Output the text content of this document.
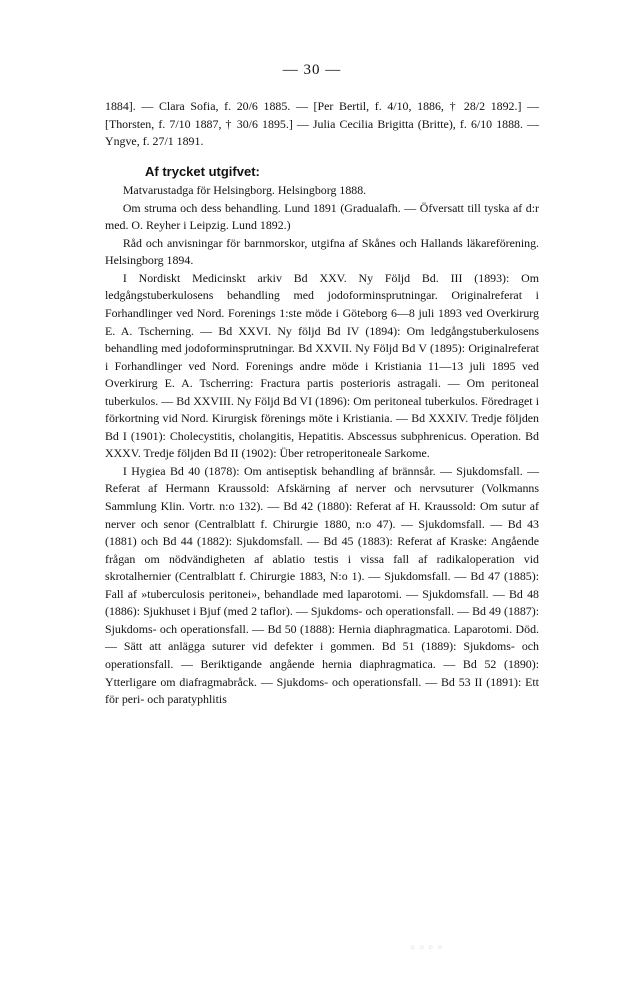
— 30 —

1884]. — Clara Sofia, f. 20/6 1885. — [Per Bertil, f. 4/10, 1886, † 28/2 1892.] — [Thorsten, f. 7/10 1887, † 30/6 1895.] — Julia Cecilia Brigitta (Britte), f. 6/10 1888. — Yngve, f. 27/1 1891.

Af trycket utgifvet:

Matvarustadga för Helsingborg. Helsingborg 1888.

Om struma och dess behandling. Lund 1891 (Gradualafh. — Öfversatt till tyska af d:r med. O. Reyher i Leipzig. Lund 1892.)

Råd och anvisningar för barnmorskor, utgifna af Skånes och Hallands läkareförening. Helsingborg 1894.

I Nordiskt Medicinskt arkiv Bd XXV. Ny Följd Bd. III (1893): Om ledgångstuberkulosens behandling med jodoforminsprutningar. Originalreferat i Forhandlinger ved Nord. Forenings 1:ste möde i Göteborg 6—8 juli 1893 ved Overkirurg E. A. Tscherning. — Bd XXVI. Ny följd Bd IV (1894): Om ledgångstuberkulosens behandling med jodoforminsprutningar. Bd XXVII. Ny Följd Bd V (1895): Originalreferat i Forhandlinger ved Nord. Forenings andre möde i Kristiania 11—13 juli 1895 ved Overkirurg E. A. Tscherring: Fractura partis posterioris astragali. — Om peritoneal tuberkulos. — Bd XXVIII. Ny Följd Bd VI (1896): Om peritoneal tuberkulos. Föredraget i förkortning vid Nord. Kirurgisk förenings möte i Kristiania. — Bd XXXIV. Tredje följden Bd I (1901): Cholecystitis, cholangitis, Hepatitis. Abscessus subphrenicus. Operation. Bd XXXV. Tredje följden Bd II (1902): Über retroperitoneale Sarkome.

I Hygiea Bd 40 (1878): Om antiseptisk behandling af brännsår. — Sjukdomsfall. — Referat af Hermann Kraussold: Afskärning af nerver och nervsuturer (Volkmanns Sammlung Klin. Vortr. n:o 132). — Bd 42 (1880): Referat af H. Kraussold: Om sutur af nerver och senor (Centralblatt f. Chirurgie 1880, n:o 47). — Sjukdomsfall. — Bd 43 (1881) och Bd 44 (1882): Sjukdomsfall. — Bd 45 (1883): Referat af Kraske: Angående frågan om nödvändigheten af ablatio testis i vissa fall af radikaloperation vid skrotalhernier (Centralblatt f. Chirurgie 1883, N:o 1). — Sjukdomsfall. — Bd 47 (1885): Fall af »tuberculosis peritonei», behandlade med laparotomi. — Sjukdomsfall. — Bd 48 (1886): Sjukhuset i Bjuf (med 2 taflor). — Sjukdoms- och operationsfall. — Bd 49 (1887): Sjukdoms- och operationsfall. — Bd 50 (1888): Hernia diaphragmatica. Laparotomi. Död. — Sätt att anlägga suturer vid defekter i gommen. Bd 51 (1889): Sjukdoms- och operationsfall. — Beriktigande angående hernia diaphragmatica. — Bd 52 (1890): Ytterligare om diafragmabråck. — Sjukdoms- och operationsfall. — Bd 53 II (1891): Ett för peri- och paratyphlitis

◦ ◦ ◦ ◦
